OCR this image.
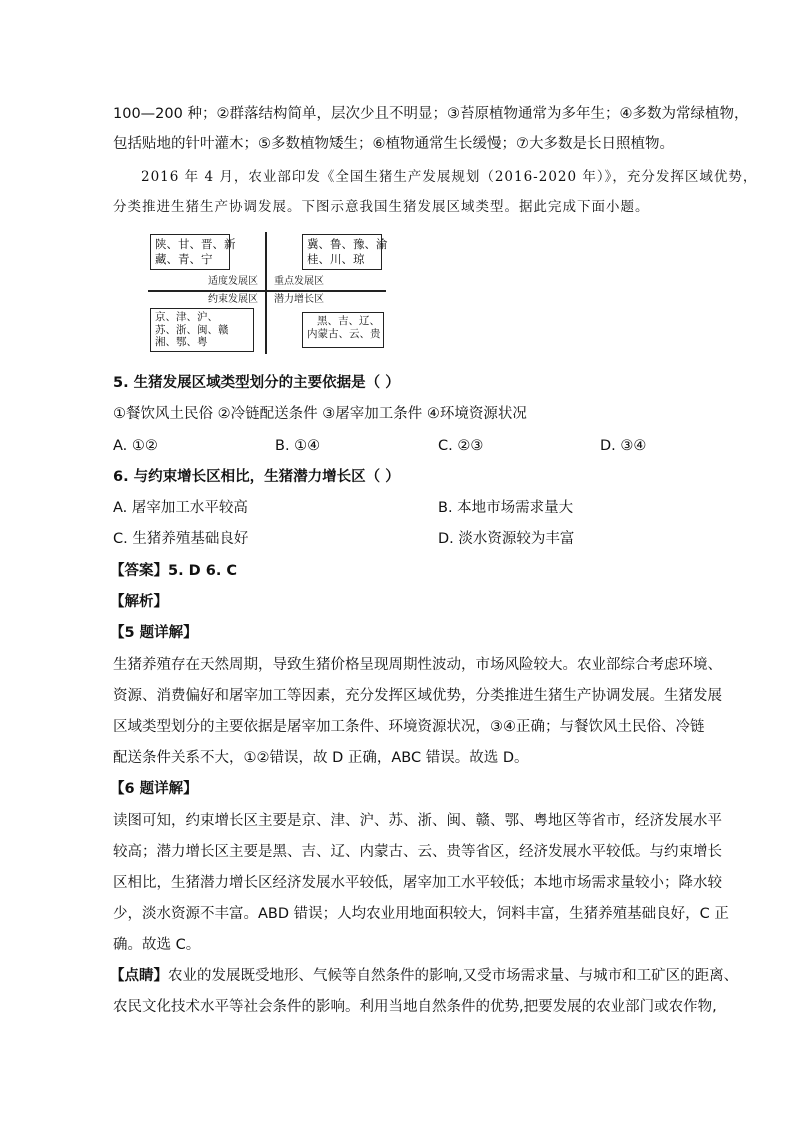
100—200 种；②群落结构简单，层次少且不明显；③苔原植物通常为多年生；④多数为常绿植物，
包括贴地的针叶灌木；⑤多数植物矮生；⑥植物通常生长缓慢；⑦大多数是长日照植物。
2016 年 4 月，农业部印发《全国生猪生产发展规划（2016-2020 年）》，充分发挥区域优势，
分类推进生猪生产协调发展。下图示意我国生猪发展区域类型。据此完成下面小题。
陕、甘、晋、新
藏、青、宁
冀、鲁、豫、渝
桂、川、琼
适度发展区 重点发展区
约束发展区 潜力增长区
京、津、沪、
苏、浙、闽、赣
湘、鄂、粤
黑、吉、辽、
内蒙古、云、贵
5. 生猪发展区域类型划分的主要依据是（ ）
①餐饮风土民俗 ②冷链配送条件 ③屠宰加工条件 ④环境资源状况
A. ①②	B. ①④	C. ②③	D. ③④
6. 与约束增长区相比，生猪潜力增长区（ ）
A. 屠宰加工水平较高	B. 本地市场需求量大
C. 生猪养殖基础良好	D. 淡水资源较为丰富
【答案】5. D 6. C
【解析】
【5 题详解】
生猪养殖存在天然周期，导致生猪价格呈现周期性波动，市场风险较大。农业部综合考虑环境、
资源、消费偏好和屠宰加工等因素，充分发挥区域优势，分类推进生猪生产协调发展。生猪发展
区域类型划分的主要依据是屠宰加工条件、环境资源状况，③④正确；与餐饮风土民俗、冷链
配送条件关系不大，①②错误，故 D 正确，ABC 错误。故选 D。
【6 题详解】
读图可知，约束增长区主要是京、津、沪、苏、浙、闽、赣、鄂、粤地区等省市，经济发展水平
较高；潜力增长区主要是黑、吉、辽、内蒙古、云、贵等省区，经济发展水平较低。与约束增长
区相比，生猪潜力增长区经济发展水平较低，屠宰加工水平较低；本地市场需求量较小；降水较
少，淡水资源不丰富。ABD 错误；人均农业用地面积较大，饲料丰富，生猪养殖基础良好，C 正
确。故选 C。
【点睛】农业的发展既受地形、气候等自然条件的影响,又受市场需求量、与城市和工矿区的距离、
农民文化技术水平等社会条件的影响。利用当地自然条件的优势,把要发展的农业部门或农作物,
